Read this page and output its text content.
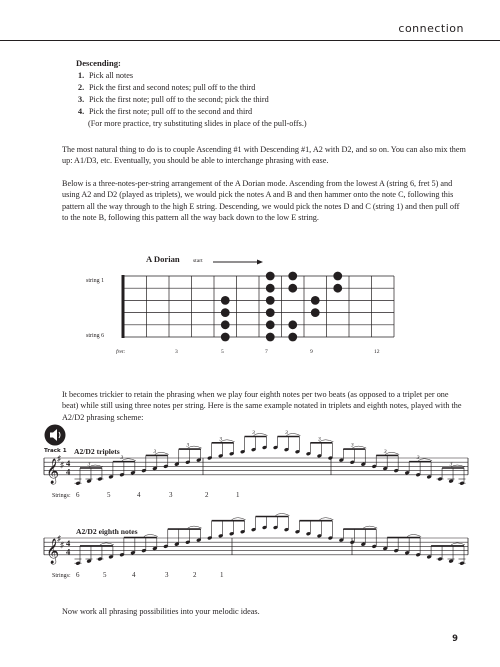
connection
Descending:
1. Pick all notes
2. Pick the first and second notes; pull off to the third
3. Pick the first note; pull off to the second; pick the third
4. Pick the first note; pull off to the second and third
(For more practice, try substituting slides in place of the pull-offs.)
The most natural thing to do is to couple Ascending #1 with Descending #1, A2 with D2, and so on. You can also mix them up: A1/D3, etc. Eventually, you should be able to interchange phrasing with ease.
Below is a three-notes-per-string arrangement of the A Dorian mode. Ascending from the lowest A (string 6, fret 5) and using A2 and D2 (played as triplets), we would pick the notes A and B and then hammer onto the note C, following this pattern all the way through to the high E string. Descending, we would pick the notes D and C (string 1) and then pull off to the note B, following this pattern all the way back down to the low E string.
A Dorian start
string 1
string 6
fret:	3	5	7	9	12
It becomes trickier to retain the phrasing when we play four eighth notes per two beats (as opposed to a triplet per one beat) while still using three notes per string. Here is the same example notated in triplets and eighth notes, played with the A2/D2 phrasing scheme:
Track 1 A2/D2 triplets
A2/D2 eighth notes
𝄞
♯
♯ 4
4
3
3
3
3
3
3	3
3
3
3
3
3
𝄞
♯
♯ 4
4
Strings: 6	5	4	3	2	1
Strings: 6	5	4	3	2	1
Now work all phrasing possibilities into your melodic ideas.
9
